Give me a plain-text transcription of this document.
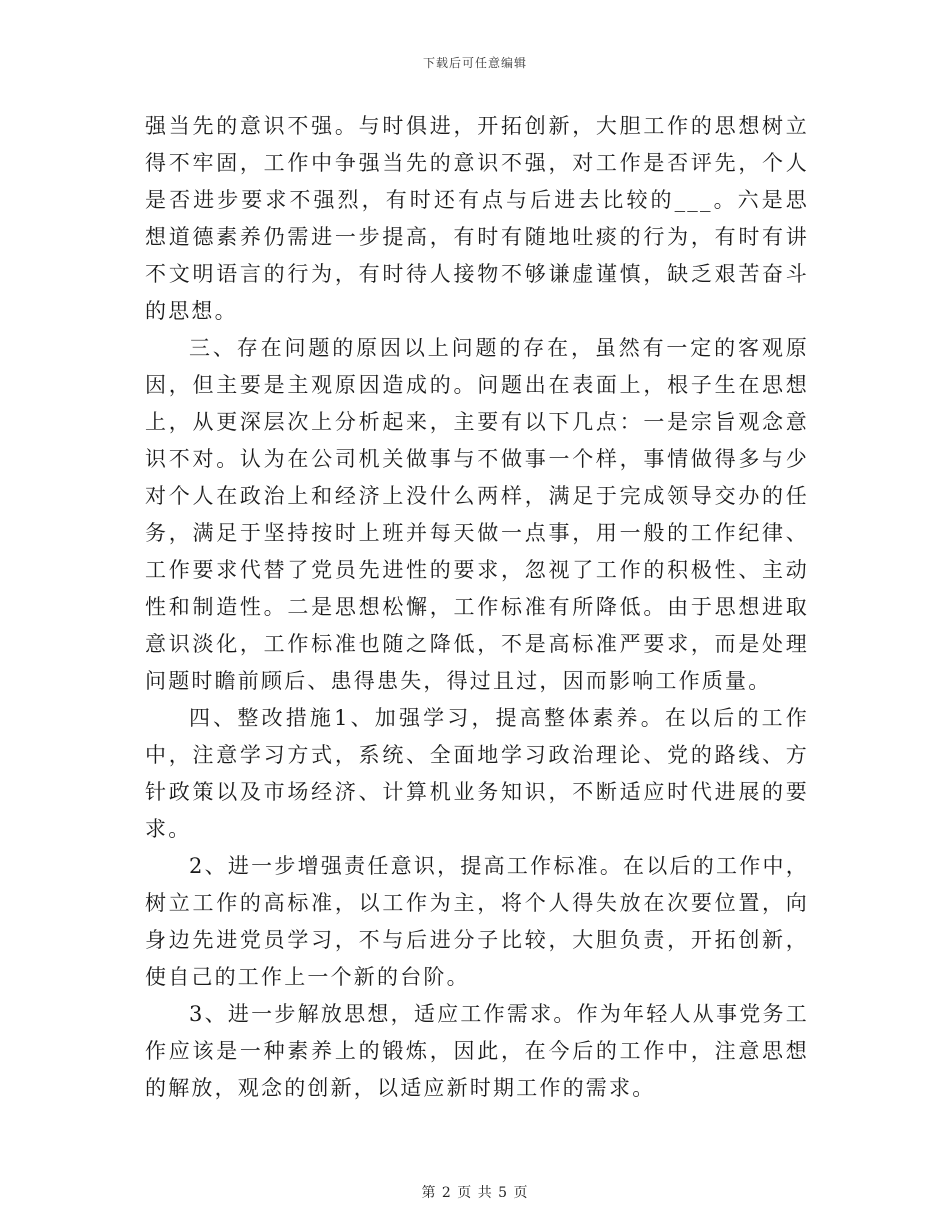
下载后可任意编辑

强当先的意识不强。与时俱进，开拓创新，大胆工作的思想树立得不牢固，工作中争强当先的意识不强，对工作是否评先，个人是否进步要求不强烈，有时还有点与后进去比较的___。六是思想道德素养仍需进一步提高，有时有随地吐痰的行为，有时有讲不文明语言的行为，有时待人接物不够谦虚谨慎，缺乏艰苦奋斗的思想。

三、存在问题的原因以上问题的存在，虽然有一定的客观原因，但主要是主观原因造成的。问题出在表面上，根子生在思想上，从更深层次上分析起来，主要有以下几点：一是宗旨观念意识不对。认为在公司机关做事与不做事一个样，事情做得多与少对个人在政治上和经济上没什么两样，满足于完成领导交办的任务，满足于坚持按时上班并每天做一点事，用一般的工作纪律、工作要求代替了党员先进性的要求，忽视了工作的积极性、主动性和制造性。二是思想松懈，工作标准有所降低。由于思想进取意识淡化，工作标准也随之降低，不是高标准严要求，而是处理问题时瞻前顾后、患得患失，得过且过，因而影响工作质量。

四、整改措施1、加强学习，提高整体素养。在以后的工作中，注意学习方式，系统、全面地学习政治理论、党的路线、方针政策以及市场经济、计算机业务知识，不断适应时代进展的要求。

2、进一步增强责任意识，提高工作标准。在以后的工作中，树立工作的高标准，以工作为主，将个人得失放在次要位置，向身边先进党员学习，不与后进分子比较，大胆负责，开拓创新，使自己的工作上一个新的台阶。

3、进一步解放思想，适应工作需求。作为年轻人从事党务工作应该是一种素养上的锻炼，因此，在今后的工作中，注意思想的解放，观念的创新，以适应新时期工作的需求。

第 2 页 共 5 页
